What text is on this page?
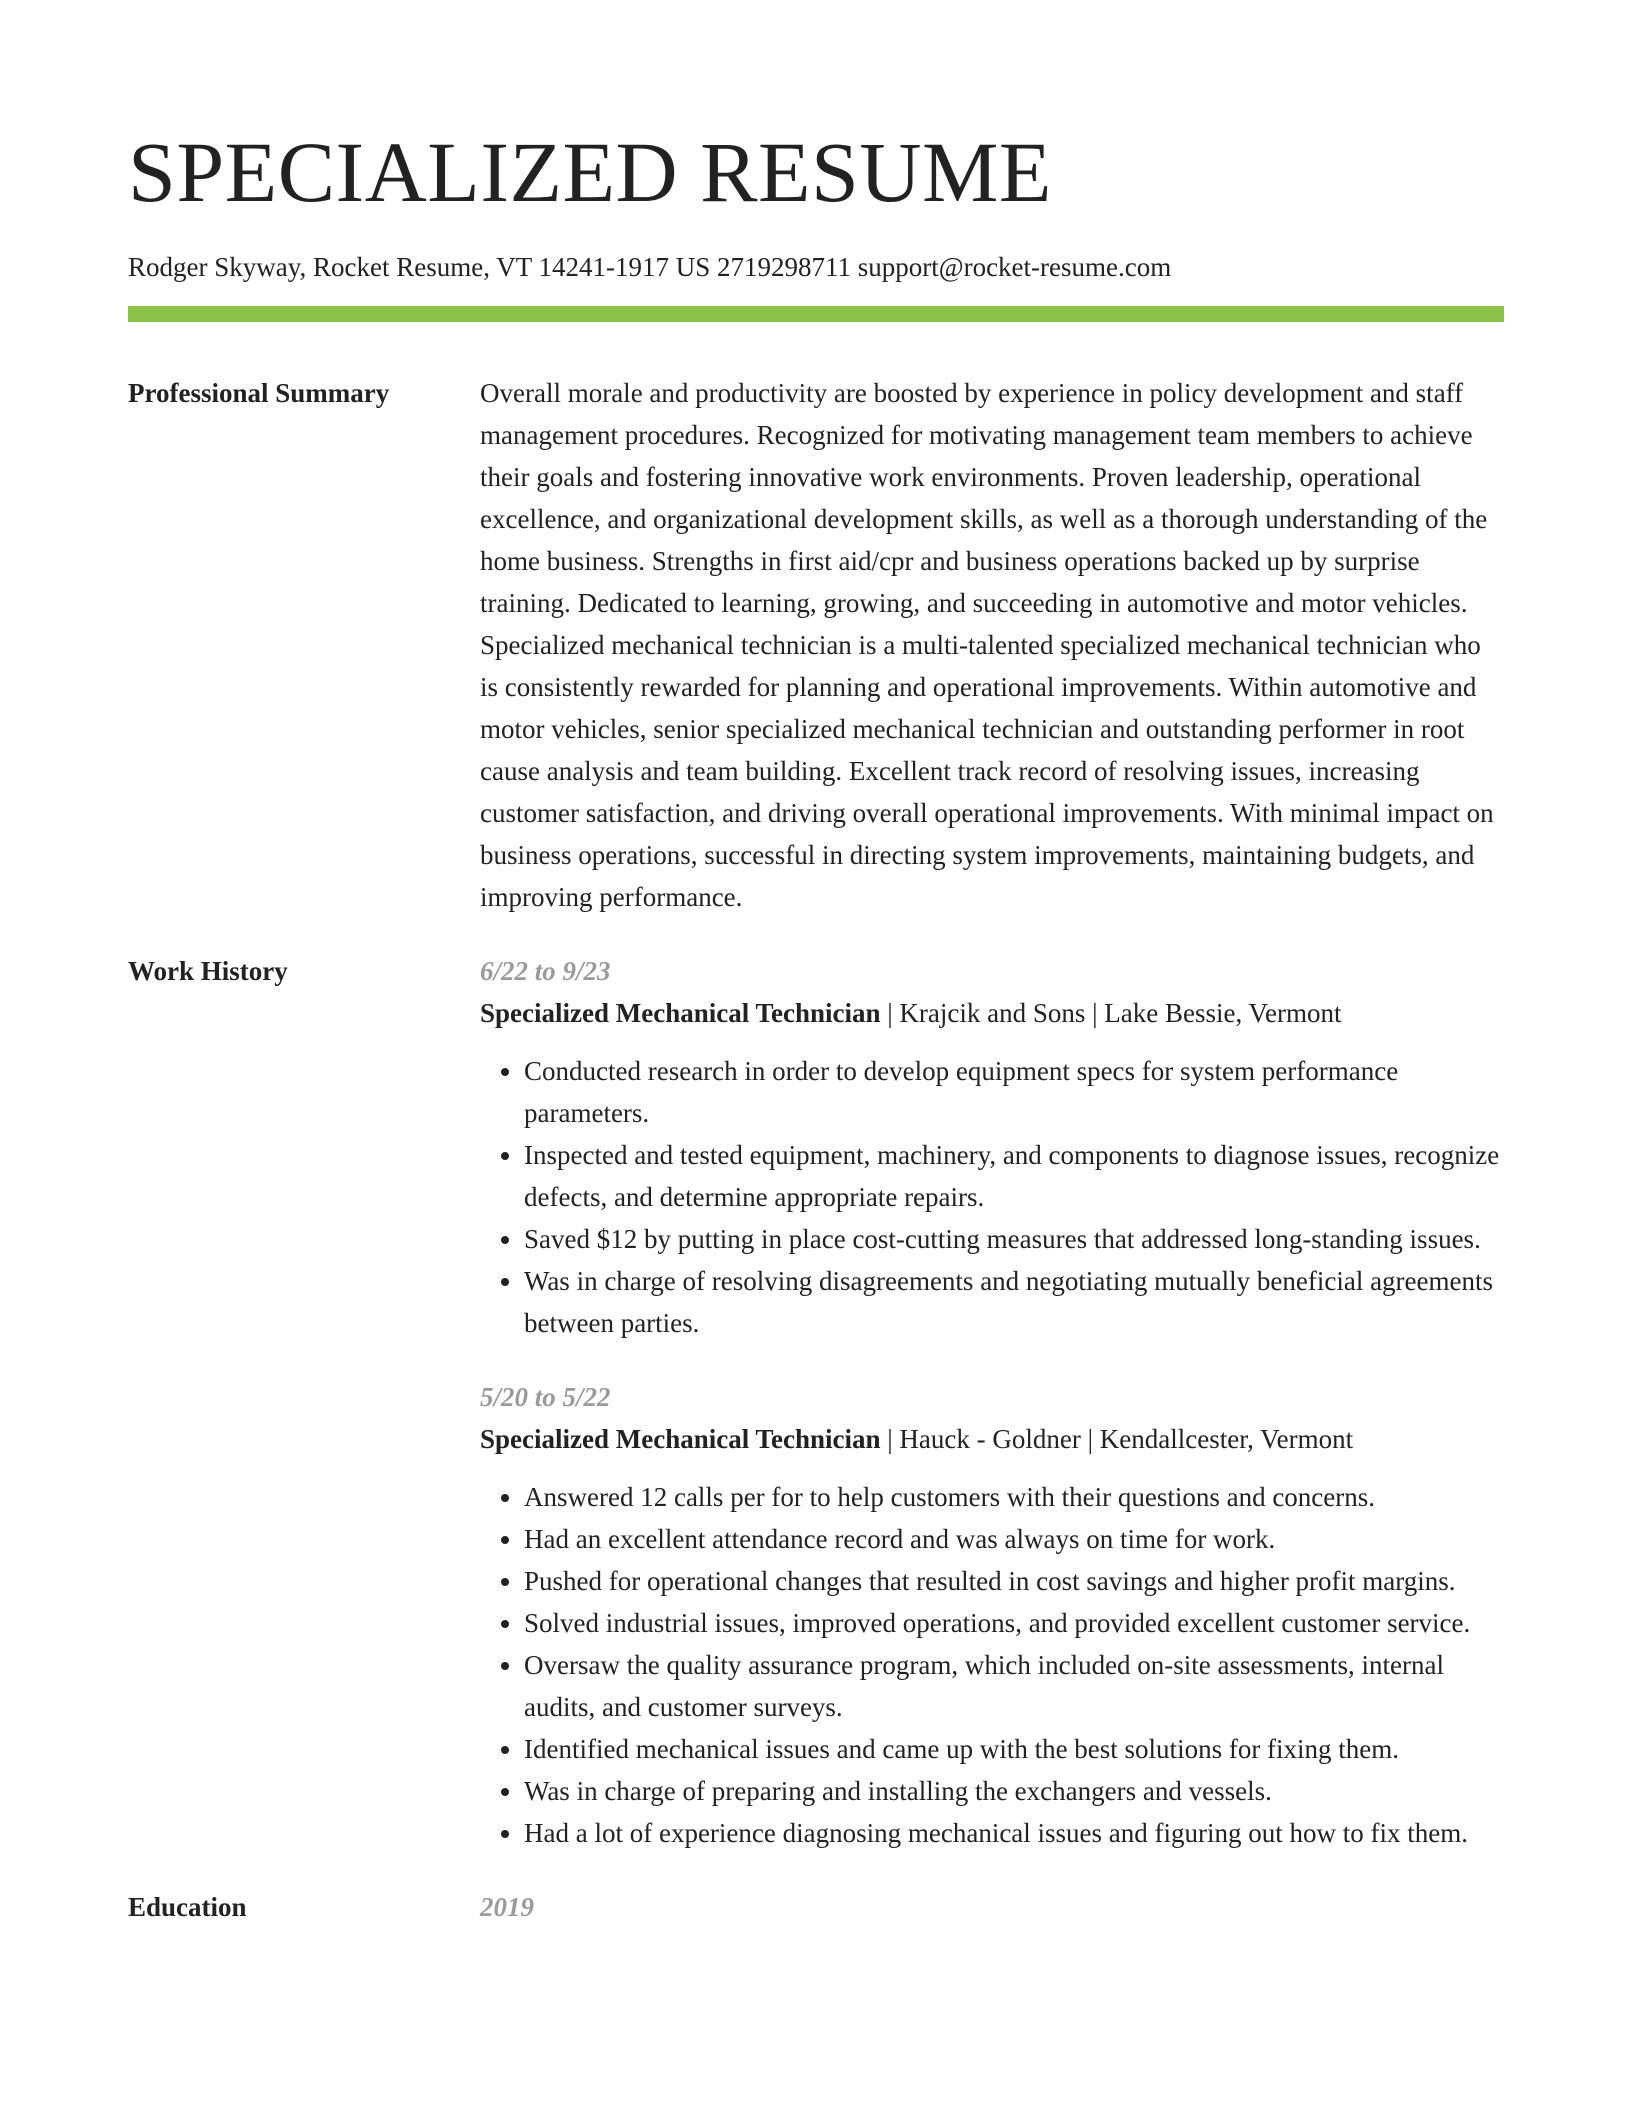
SPECIALIZED RESUME
Rodger Skyway, Rocket Resume, VT 14241-1917 US 2719298711 support@rocket-resume.com
Professional Summary	Overall morale and productivity are boosted by experience in policy development and staff management procedures. Recognized for motivating management team members to achieve their goals and fostering innovative work environments. Proven leadership, operational excellence, and organizational development skills, as well as a thorough understanding of the home business. Strengths in first aid/cpr and business operations backed up by surprise training. Dedicated to learning, growing, and succeeding in automotive and motor vehicles. Specialized mechanical technician is a multi-talented specialized mechanical technician who is consistently rewarded for planning and operational improvements. Within automotive and motor vehicles, senior specialized mechanical technician and outstanding performer in root cause analysis and team building. Excellent track record of resolving issues, increasing customer satisfaction, and driving overall operational improvements. With minimal impact on business operations, successful in directing system improvements, maintaining budgets, and improving performance.

Work History	6/22 to 9/23
Specialized Mechanical Technician | Krajcik and Sons | Lake Bessie, Vermont
• Conducted research in order to develop equipment specs for system performance parameters.
• Inspected and tested equipment, machinery, and components to diagnose issues, recognize defects, and determine appropriate repairs.
• Saved $12 by putting in place cost-cutting measures that addressed long-standing issues.
• Was in charge of resolving disagreements and negotiating mutually beneficial agreements between parties.
5/20 to 5/22
Specialized Mechanical Technician | Hauck - Goldner | Kendallcester, Vermont
• Answered 12 calls per for to help customers with their questions and concerns.
• Had an excellent attendance record and was always on time for work.
• Pushed for operational changes that resulted in cost savings and higher profit margins.
• Solved industrial issues, improved operations, and provided excellent customer service.
• Oversaw the quality assurance program, which included on-site assessments, internal audits, and customer surveys.
• Identified mechanical issues and came up with the best solutions for fixing them.
• Was in charge of preparing and installing the exchangers and vessels.
• Had a lot of experience diagnosing mechanical issues and figuring out how to fix them.
Education	2019
